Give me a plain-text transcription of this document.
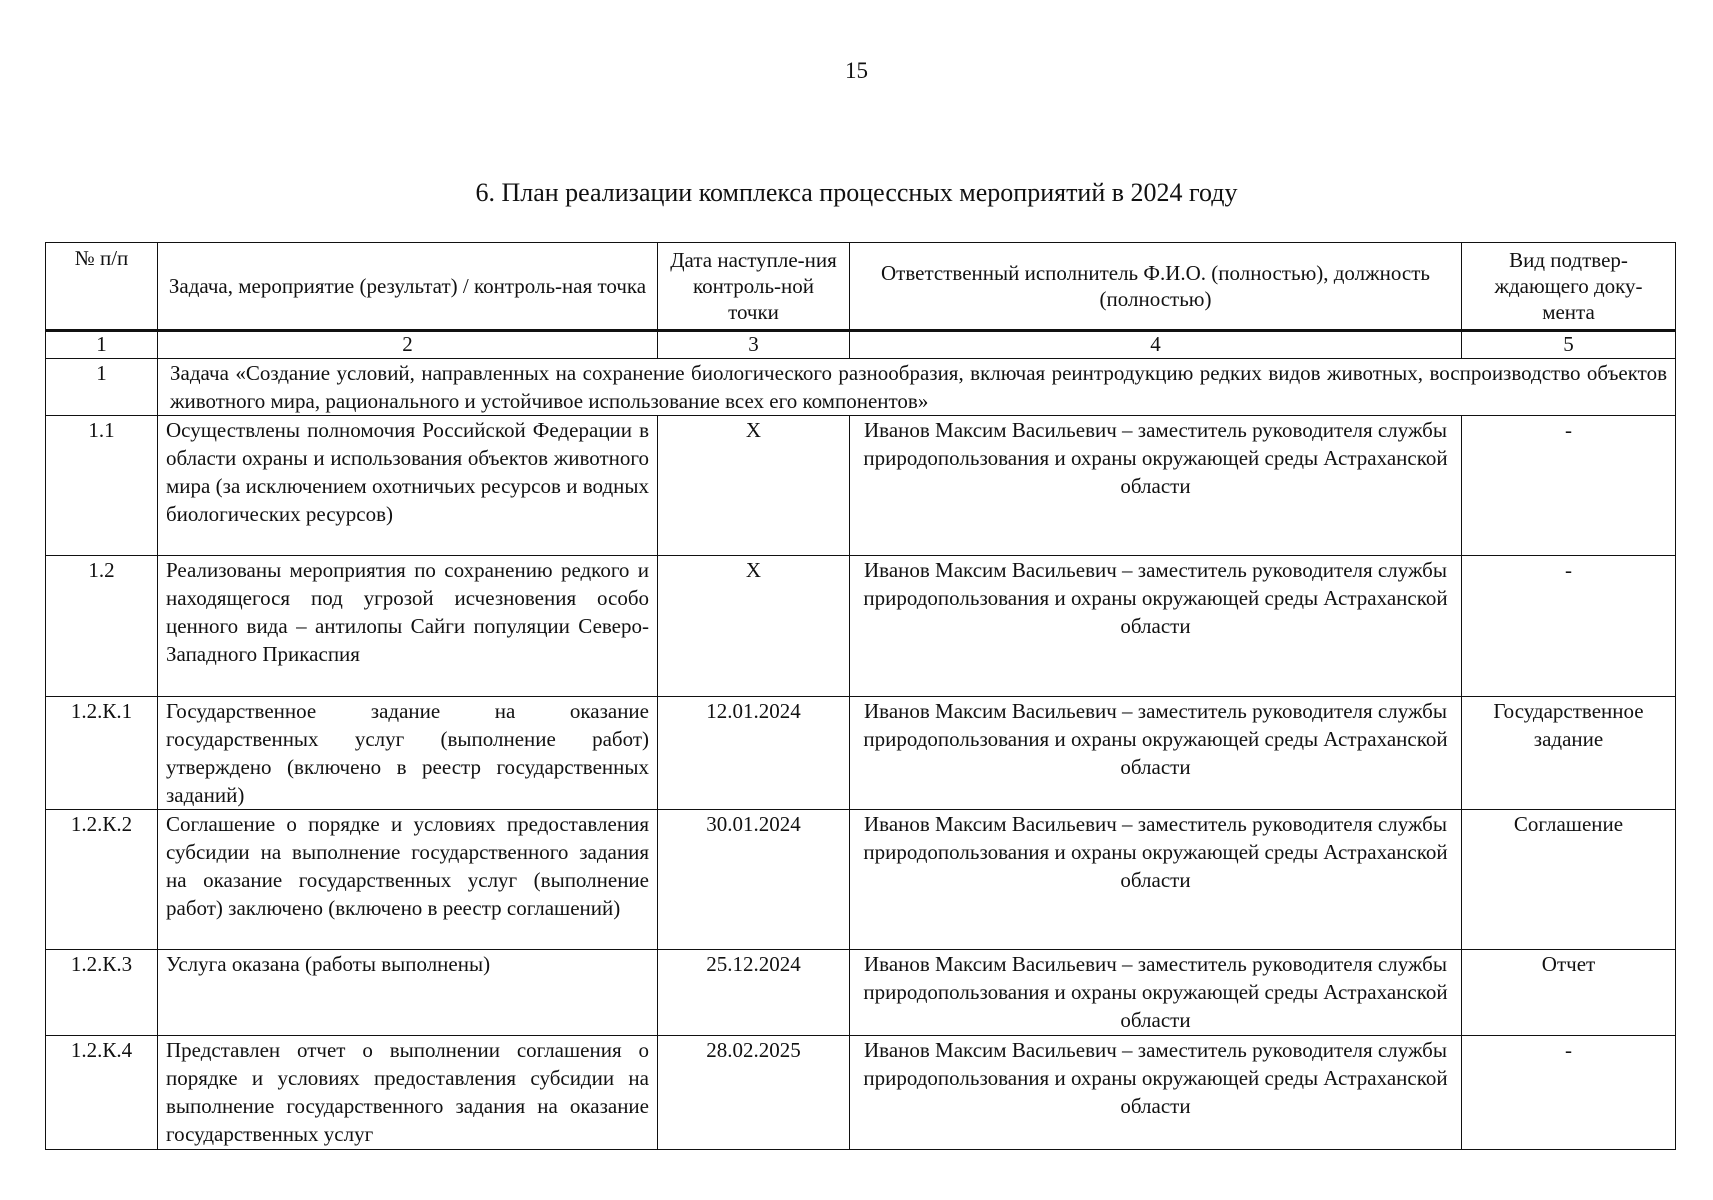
15
6. План реализации комплекса процессных мероприятий в 2024 году
№ п/п	Задача, мероприятие (результат) / контроль-ная точка	Дата наступле-ния контроль-ной точки	Ответственный исполнитель Ф.И.О. (полностью), должность (полностью)	Вид подтвер-ждающего доку-мента
1	2	3	4	5
1	Задача «Создание условий, направленных на сохранение биологического разнообразия, включая реинтродукцию редких видов животных, воспроизводство объектов животного мира, рационального и устойчивое использование всех его компонентов»			
1.1	Осуществлены полномочия Российской Федерации в области охраны и использования объектов животного мира (за исключением охотничьих ресурсов и водных биологических ресурсов)	X	Иванов Максим Васильевич – заместитель руководителя службы природопользования и охраны окружающей среды Астраханской области	-
1.2	Реализованы мероприятия по сохранению редкого и находящегося под угрозой исчезновения особо ценного вида – антилопы Сайги популяции Северо-Западного Прикаспия	X	Иванов Максим Васильевич – заместитель руководителя службы природопользования и охраны окружающей среды Астраханской области	-
1.2.К.1	Государственное задание на оказание государственных услуг (выполнение работ) утверждено (включено в реестр государственных заданий)	12.01.2024	Иванов Максим Васильевич – заместитель руководителя службы природопользования и охраны окружающей среды Астраханской области	Государственное задание
1.2.К.2	Соглашение о порядке и условиях предоставления субсидии на выполнение государственного задания на оказание государственных услуг (выполнение работ) заключено (включено в реестр соглашений)	30.01.2024	Иванов Максим Васильевич – заместитель руководителя службы природопользования и охраны окружающей среды Астраханской области	Соглашение
1.2.К.3	Услуга оказана (работы выполнены)	25.12.2024	Иванов Максим Васильевич – заместитель руководителя службы природопользования и охраны окружающей среды Астраханской области	Отчет
1.2.К.4	Представлен отчет о выполнении соглашения о порядке и условиях предоставления субсидии на выполнение государственного задания на оказание государственных услуг	28.02.2025	Иванов Максим Васильевич – заместитель руководителя службы природопользования и охраны окружающей среды Астраханской области	-
